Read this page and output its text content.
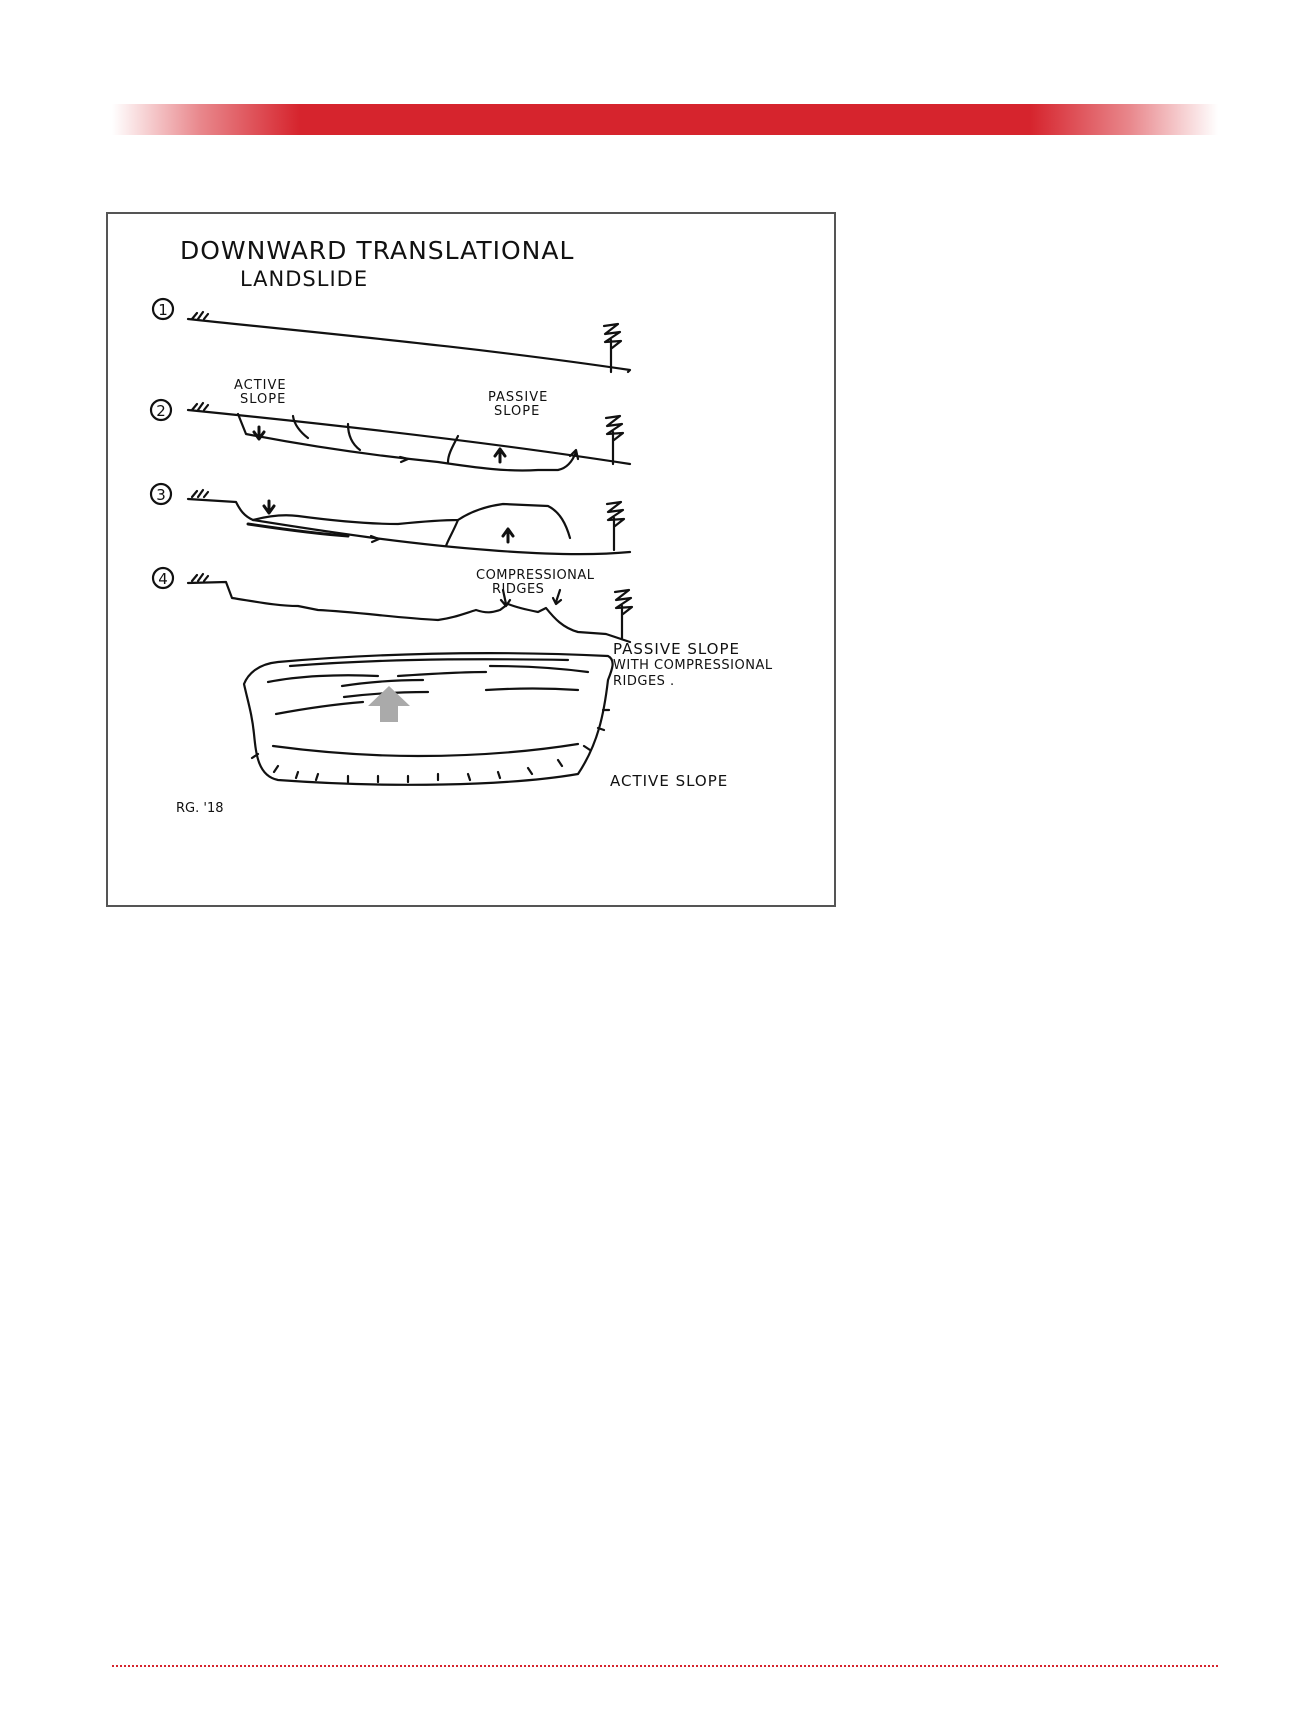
DOWNWARD TRANSLATIONAL
LANDSLIDE
1
2
ACTIVE
SLOPE	PASSIVE
SLOPE
3
4	COMPRESSIONAL
RIDGES
PASSIVE SLOPE
WITH COMPRESSIONAL
RIDGES .
ACTIVE SLOPE
RG. '18
